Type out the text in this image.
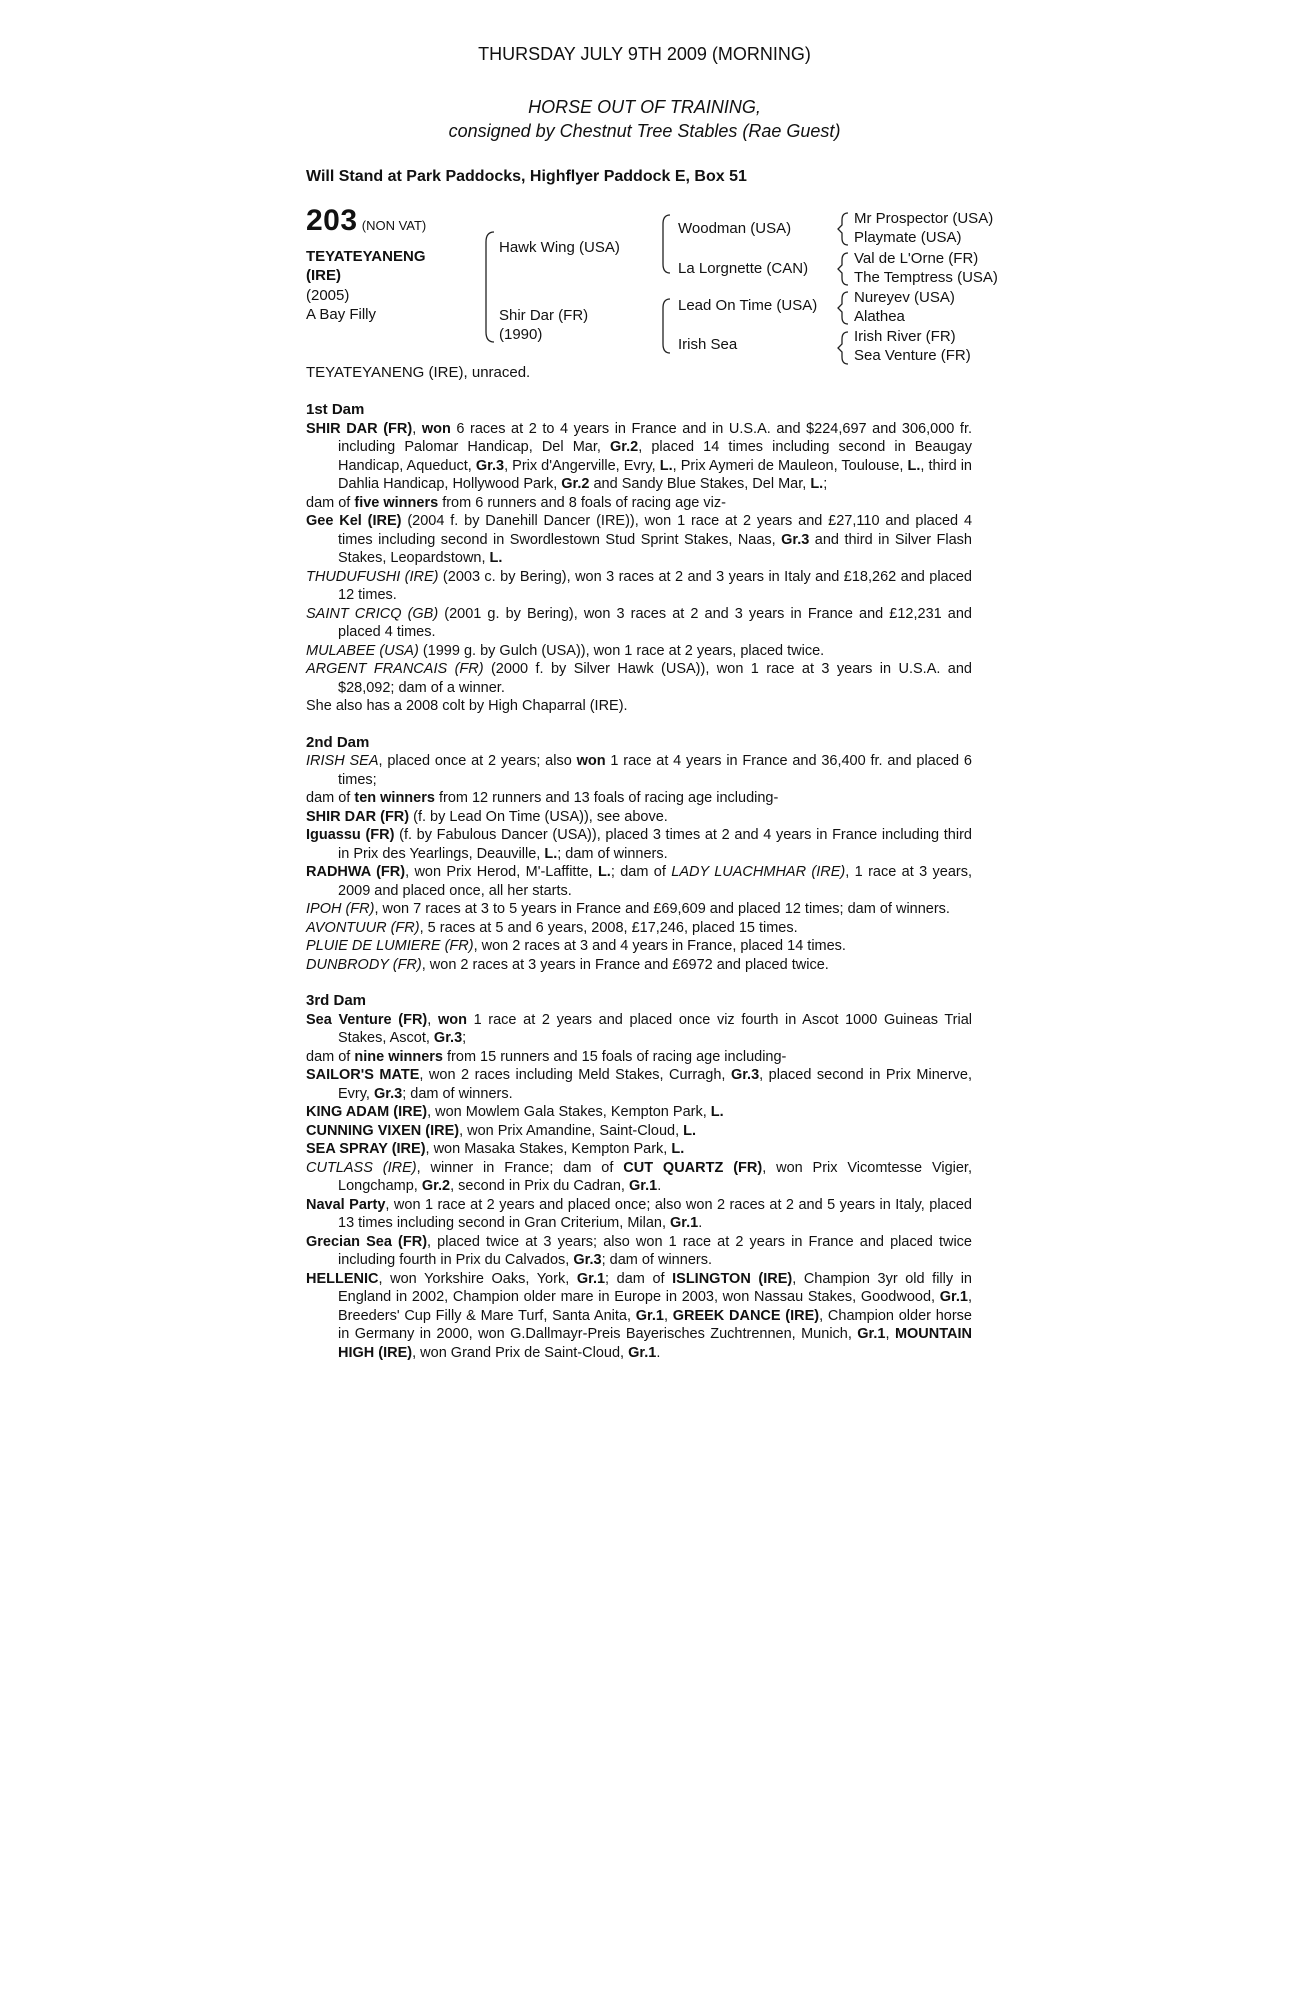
THURSDAY JULY 9TH 2009 (MORNING)
HORSE OUT OF TRAINING,
consigned by Chestnut Tree Stables (Rae Guest)
Will Stand at Park Paddocks, Highflyer Paddock E, Box 51
203 (NON VAT)
TEYATEYANENG
(IRE)
(2005)
A Bay Filly
Hawk Wing (USA)
Shir Dar (FR)
(1990)
Woodman (USA)
La Lorgnette (CAN)
Lead On Time (USA)
Irish Sea
Mr Prospector (USA)
Playmate (USA)
Val de L'Orne (FR)
The Temptress (USA)
Nureyev (USA)
Alathea
Irish River (FR)
Sea Venture (FR)
TEYATEYANENG (IRE), unraced.

1st Dam

SHIR DAR (FR), won 6 races at 2 to 4 years in France and in U.S.A. and $224,697 and 306,000 fr. including Palomar Handicap, Del Mar, Gr.2, placed 14 times including second in Beaugay Handicap, Aqueduct, Gr.3, Prix d'Angerville, Evry, L., Prix Aymeri de Mauleon, Toulouse, L., third in Dahlia Handicap, Hollywood Park, Gr.2 and Sandy Blue Stakes, Del Mar, L.;

dam of five winners from 6 runners and 8 foals of racing age viz-

Gee Kel (IRE) (2004 f. by Danehill Dancer (IRE)), won 1 race at 2 years and £27,110 and placed 4 times including second in Swordlestown Stud Sprint Stakes, Naas, Gr.3 and third in Silver Flash Stakes, Leopardstown, L.

THUDUFUSHI (IRE) (2003 c. by Bering), won 3 races at 2 and 3 years in Italy and £18,262 and placed 12 times.

SAINT CRICQ (GB) (2001 g. by Bering), won 3 races at 2 and 3 years in France and £12,231 and placed 4 times.

MULABEE (USA) (1999 g. by Gulch (USA)), won 1 race at 2 years, placed twice.

ARGENT FRANCAIS (FR) (2000 f. by Silver Hawk (USA)), won 1 race at 3 years in U.S.A. and $28,092; dam of a winner.

She also has a 2008 colt by High Chaparral (IRE).

2nd Dam

IRISH SEA, placed once at 2 years; also won 1 race at 4 years in France and 36,400 fr. and placed 6 times;

dam of ten winners from 12 runners and 13 foals of racing age including-

SHIR DAR (FR) (f. by Lead On Time (USA)), see above.

Iguassu (FR) (f. by Fabulous Dancer (USA)), placed 3 times at 2 and 4 years in France including third in Prix des Yearlings, Deauville, L.; dam of winners.

RADHWA (FR), won Prix Herod, M'-Laffitte, L.; dam of LADY LUACHMHAR (IRE), 1 race at 3 years, 2009 and placed once, all her starts.

IPOH (FR), won 7 races at 3 to 5 years in France and £69,609 and placed 12 times; dam of winners.

AVONTUUR (FR), 5 races at 5 and 6 years, 2008, £17,246, placed 15 times.

PLUIE DE LUMIERE (FR), won 2 races at 3 and 4 years in France, placed 14 times.

DUNBRODY (FR), won 2 races at 3 years in France and £6972 and placed twice.

3rd Dam

Sea Venture (FR), won 1 race at 2 years and placed once viz fourth in Ascot 1000 Guineas Trial Stakes, Ascot, Gr.3;

dam of nine winners from 15 runners and 15 foals of racing age including-

SAILOR'S MATE, won 2 races including Meld Stakes, Curragh, Gr.3, placed second in Prix Minerve, Evry, Gr.3; dam of winners.

KING ADAM (IRE), won Mowlem Gala Stakes, Kempton Park, L.

CUNNING VIXEN (IRE), won Prix Amandine, Saint-Cloud, L.

SEA SPRAY (IRE), won Masaka Stakes, Kempton Park, L.

CUTLASS (IRE), winner in France; dam of CUT QUARTZ (FR), won Prix Vicomtesse Vigier, Longchamp, Gr.2, second in Prix du Cadran, Gr.1.

Naval Party, won 1 race at 2 years and placed once; also won 2 races at 2 and 5 years in Italy, placed 13 times including second in Gran Criterium, Milan, Gr.1.

Grecian Sea (FR), placed twice at 3 years; also won 1 race at 2 years in France and placed twice including fourth in Prix du Calvados, Gr.3; dam of winners.

HELLENIC, won Yorkshire Oaks, York, Gr.1; dam of ISLINGTON (IRE), Champion 3yr old filly in England in 2002, Champion older mare in Europe in 2003, won Nassau Stakes, Goodwood, Gr.1, Breeders' Cup Filly & Mare Turf, Santa Anita, Gr.1, GREEK DANCE (IRE), Champion older horse in Germany in 2000, won G.Dallmayr-Preis Bayerisches Zuchtrennen, Munich, Gr.1, MOUNTAIN HIGH (IRE), won Grand Prix de Saint-Cloud, Gr.1.
